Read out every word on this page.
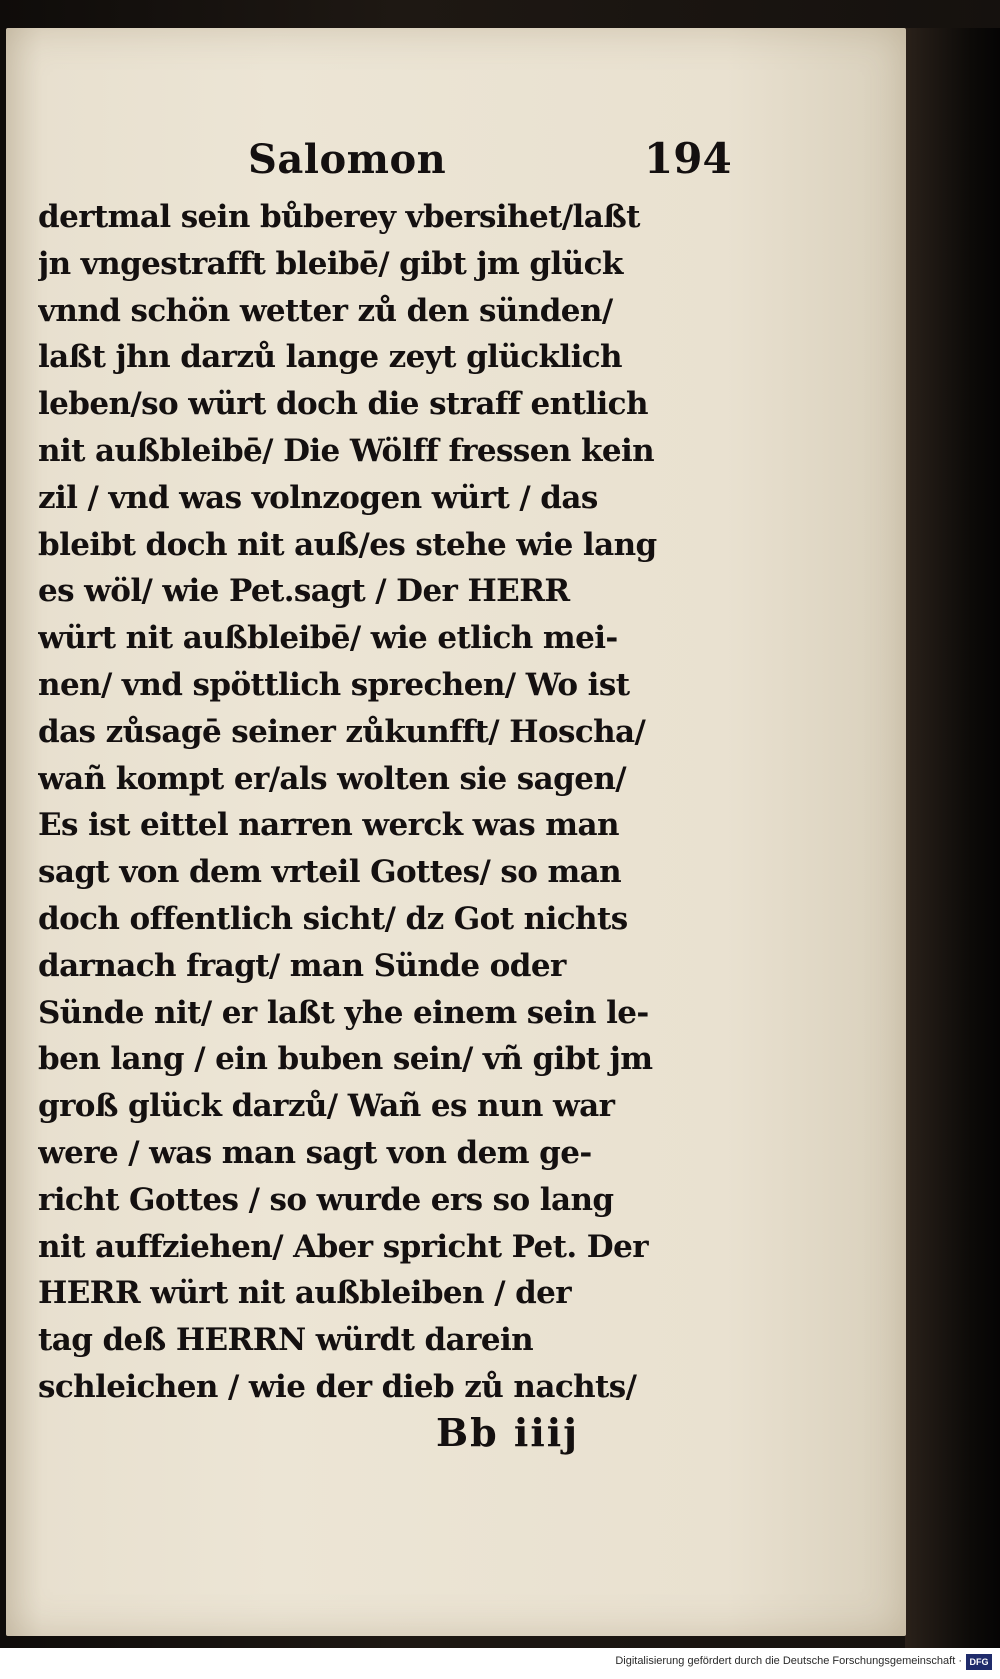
Salomon	194
dertmal sein bůberey vbersihet/laßt
jn vngestrafft bleibē/ gibt jm glück
vnnd schön wetter zů den sünden/
laßt jhn darzů lange zeyt glücklich
leben/so würt doch die straff entlich
nit außbleibē/ Die Wölff fressen kein
zil / vnd was volnzogen würt / das
bleibt doch nit auß/es stehe wie lang
es wöl/ wie Pet.sagt / Der HERR
würt nit außbleibē/ wie etlich mei-
nen/ vnd spöttlich sprechen/ Wo ist
das zůsagē seiner zůkunfft/ Hoscha/
wañ kompt er/als wolten sie sagen/
Es ist eittel narren werck was man
sagt von dem vrteil Gottes/ so man
doch offentlich sicht/ dz Got nichts
darnach fragt/ man Sünde oder
Sünde nit/ er laßt yhe einem sein le-
ben lang / ein buben sein/ vñ gibt jm
groß glück darzů/ Wañ es nun war
were / was man sagt von dem ge-
richt Gottes / so wurde ers so lang
nit auffziehen/ Aber spricht Pet. Der
HERR würt nit außbleiben / der
tag deß HERRN würdt darein
schleichen / wie der dieb zů nachts/
Bb iiij
Digitalisierung gefördert durch die Deutsche Forschungsgemeinschaft · DFG
